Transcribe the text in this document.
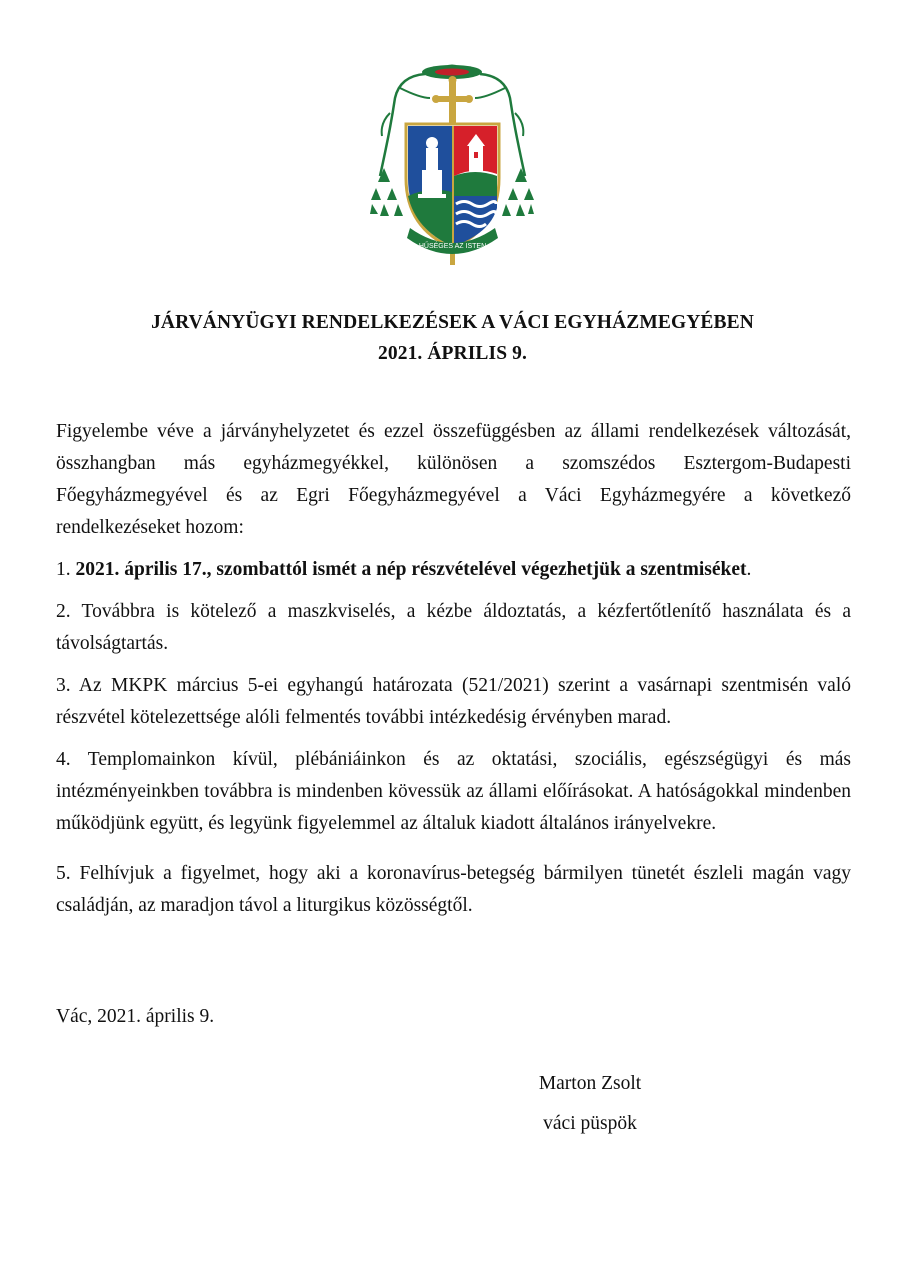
HŰSÉGES AZ ISTEN
JÁRVÁNYÜGYI RENDELKEZÉSEK A VÁCI EGYHÁZMEGYÉBEN
2021. ÁPRILIS 9.

Figyelembe véve a járványhelyzetet és ezzel összefüggésben az állami rendelkezések változását, összhangban más egyházmegyékkel, különösen a szomszédos Esztergom-Budapesti Főegyházmegyével és az Egri Főegyházmegyével a Váci Egyházmegyére a következő rendelkezéseket hozom:

1. 2021. április 17., szombattól ismét a nép részvételével végezhetjük a szentmiséket.

2. Továbbra is kötelező a maszkviselés, a kézbe áldoztatás, a kézfertőtlenítő használata és a távolságtartás.

3. Az MKPK március 5-ei egyhangú határozata (521/2021) szerint a vasárnapi szentmisén való részvétel kötelezettsége alóli felmentés további intézkedésig érvényben marad.

4. Templomainkon kívül, plébániáinkon és az oktatási, szociális, egészségügyi és más intézményeinkben továbbra is mindenben kövessük az állami előírásokat. A hatóságokkal mindenben működjünk együtt, és legyünk figyelemmel az általuk kiadott általános irányelvekre.

5. Felhívjuk a figyelmet, hogy aki a koronavírus-betegség bármilyen tünetét észleli magán vagy családján, az maradjon távol a liturgikus közösségtől.

Vác, 2021. április 9.
Marton Zsolt
váci püspök
